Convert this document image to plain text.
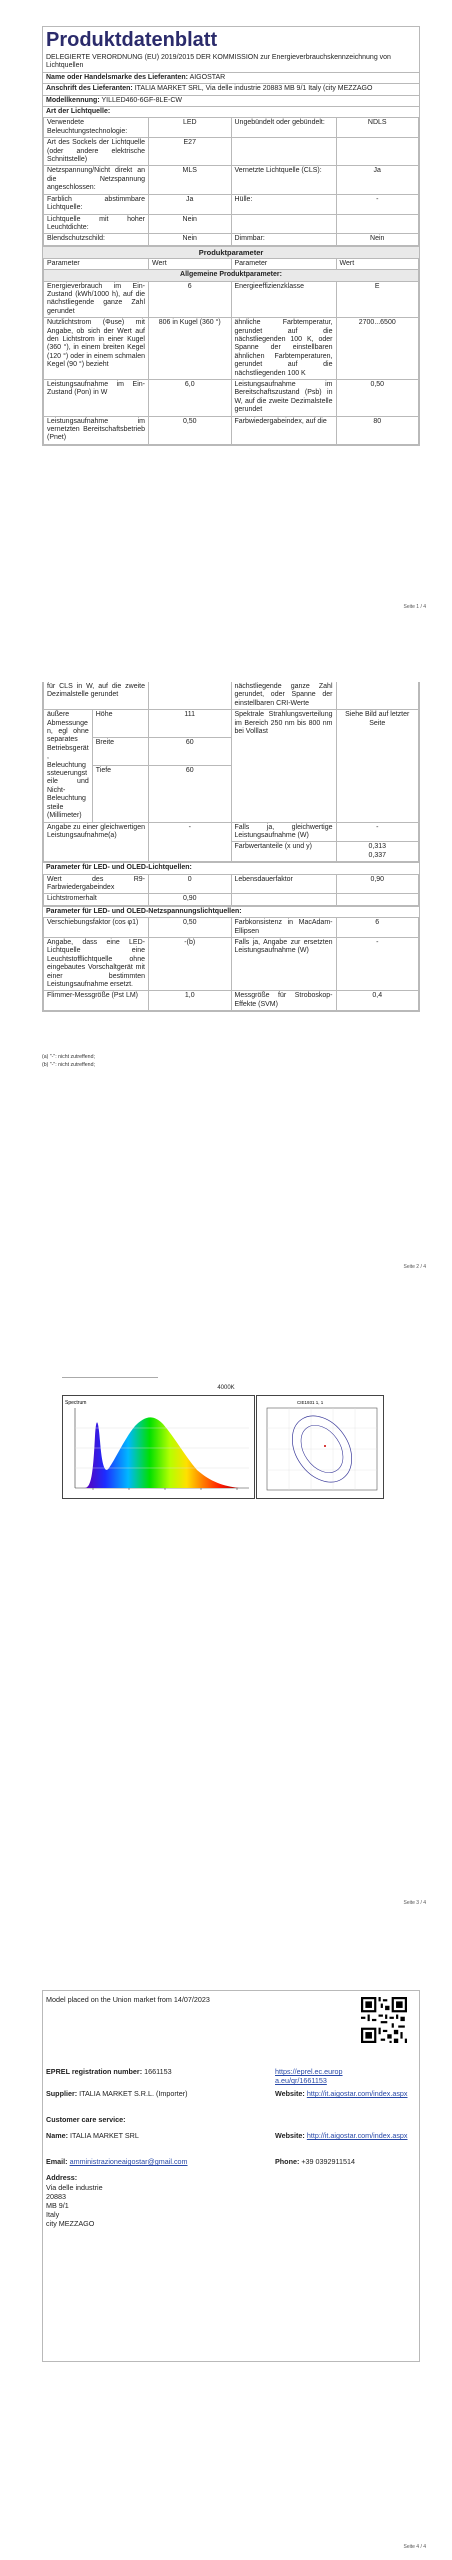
Produktdatenblatt
DELEGIERTE VERORDNUNG (EU) 2019/2015 DER KOMMISSION zur Energieverbrauchskennzeichnung von Lichtquellen
Name oder Handelsmarke des Lieferanten: AIGOSTAR
Anschrift des Lieferanten: ITALIA MARKET SRL, Via delle industrie 20883 MB 9/1 Italy (city MEZZAGO
Modellkennung: YILLED460-6GF-8LE-CW
Art der Lichtquelle:
Verwendete Beleuchtungstechnologie:	LED	Ungebündelt oder gebündelt:	NDLS
Art des Sockels der Lichtquelle (oder andere elektrische Schnittstelle)	E27		
Netzspannung/Nicht direkt an die Netzspannung angeschlossen:	MLS	Vernetzte Lichtquelle (CLS):	Ja
Farblich abstimmbare Lichtquelle:	Ja	Hülle:	-
Lichtquelle mit hoher Leuchtdichte:	Nein		
Blendschutzschild:	Nein	Dimmbar:	Nein
Produktparameter
Parameter	Wert	Parameter	Wert
Allgemeine Produktparameter:			
Energieverbrauch im Ein-Zustand (kWh/1000 h), auf die nächstliegende ganze Zahl gerundet	6	Energieeffizienzklasse	E
Nutzlichtstrom (Φuse) mit Angabe, ob sich der Wert auf den Lichtstrom in einer Kugel (360 °), in einem breiten Kegel (120 °) oder in einem schmalen Kegel (90 °) bezieht	806 in Kugel (360 °)	ähnliche Farbtemperatur, gerundet auf die nächstliegenden 100 K, oder Spanne der einstellbaren ähnlichen Farbtemperaturen, gerundet auf die nächstliegenden 100 K	2700...6500
Leistungsaufnahme im Ein-Zustand (Pon) in W	6,0	Leistungsaufnahme im Bereitschaftszustand (Psb) in W, auf die zweite Dezimalstelle gerundet	0,50
Leistungsaufnahme im vernetzten Bereitschaftsbetrieb (Pnet)	0,50	Farbwiedergabeindex, auf die	80
Seite 1 / 4
für CLS in W, auf die zweite Dezimalstelle gerundet			nächstliegende ganze Zahl gerundet, oder Spanne der einstellbaren CRI-Werte	
äußere Abmessungen, egl ohne separates Betriebsgerät, Beleuchtungssteuerungsteile und Nicht-Beleuchtungsteile (Millimeter)	Höhe	111	Spektrale Strahlungsverteilung im Bereich 250 nm bis 800 nm bei Volllast	Siehe Bild auf letzter Seite
	Breite	60		
	Tiefe	60		
Angabe zu einer gleichwertigen Leistungsaufnahme(a)		-	Falls ja, gleichwertige Leistungsaufnahme (W)	-
			Farbwertanteile (x und y)	0,313
0,337
Parameter für LED- und OLED-Lichtquellen:
Wert des R9-Farbwiedergabeindex	0	Lebensdauerfaktor	0,90
Lichtstromerhalt	0,90		
Parameter für LED- und OLED-Netzspannungslichtquellen:
Verschiebungsfaktor (cos φ1)	0,50	Farbkonsistenz in MacAdam-Ellipsen	6
Angabe, dass eine LED-Lichtquelle eine Leuchtstofflichtquelle ohne eingebautes Vorschaltgerät mit einer bestimmten Leistungsaufnahme ersetzt.	-(b)	Falls ja, Angabe zur ersetzten Leistungsaufnahme (W)	-
Flimmer-Messgröße (Pst LM)	1,0	Messgröße für Stroboskop-Effekte (SVM)	0,4
(a) "-": nicht zutreffend;
(b) "-": nicht zutreffend;
Seite 2 / 4
4000K
Spectrum	CIE1931 1, 1
Seite 3 / 4
Model placed on the Union market from 14/07/2023
EPREL registration number: 1661153	https://eprel.ec.europa.eu/qr/1661153
Supplier: ITALIA MARKET S.R.L. (Importer)	Website: http://it.aigostar.com/index.aspx
Customer care service:
Name: ITALIA MARKET SRL	Website: http://it.aigostar.com/index.aspx
Email: amministrazioneaigostar@gmail.com	Phone: +39 0392911514
Address:
Via delle industrie
20883
MB 9/1
Italy
city MEZZAGO
Seite 4 / 4
